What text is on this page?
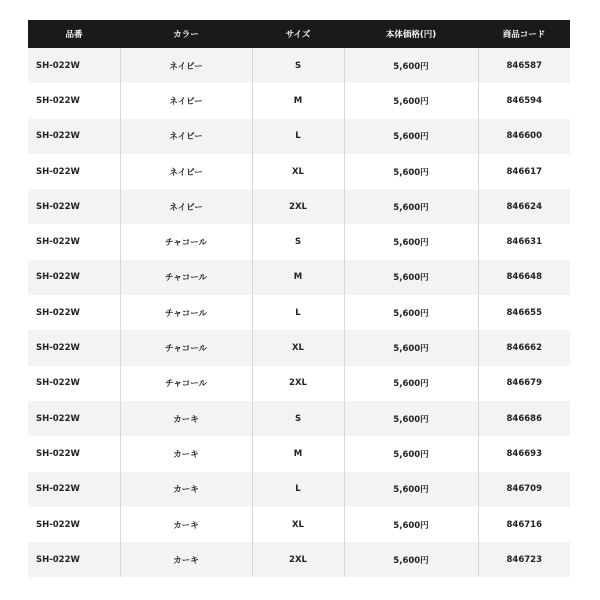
品番	カラー	サイズ	本体価格(円)	商品コード
SH-022W	ネイビー	S	5,600円	846587
SH-022W	ネイビー	M	5,600円	846594
SH-022W	ネイビー	L	5,600円	846600
SH-022W	ネイビー	XL	5,600円	846617
SH-022W	ネイビー	2XL	5,600円	846624
SH-022W	チャコール	S	5,600円	846631
SH-022W	チャコール	M	5,600円	846648
SH-022W	チャコール	L	5,600円	846655
SH-022W	チャコール	XL	5,600円	846662
SH-022W	チャコール	2XL	5,600円	846679
SH-022W	カーキ	S	5,600円	846686
SH-022W	カーキ	M	5,600円	846693
SH-022W	カーキ	L	5,600円	846709
SH-022W	カーキ	XL	5,600円	846716
SH-022W	カーキ	2XL	5,600円	846723
